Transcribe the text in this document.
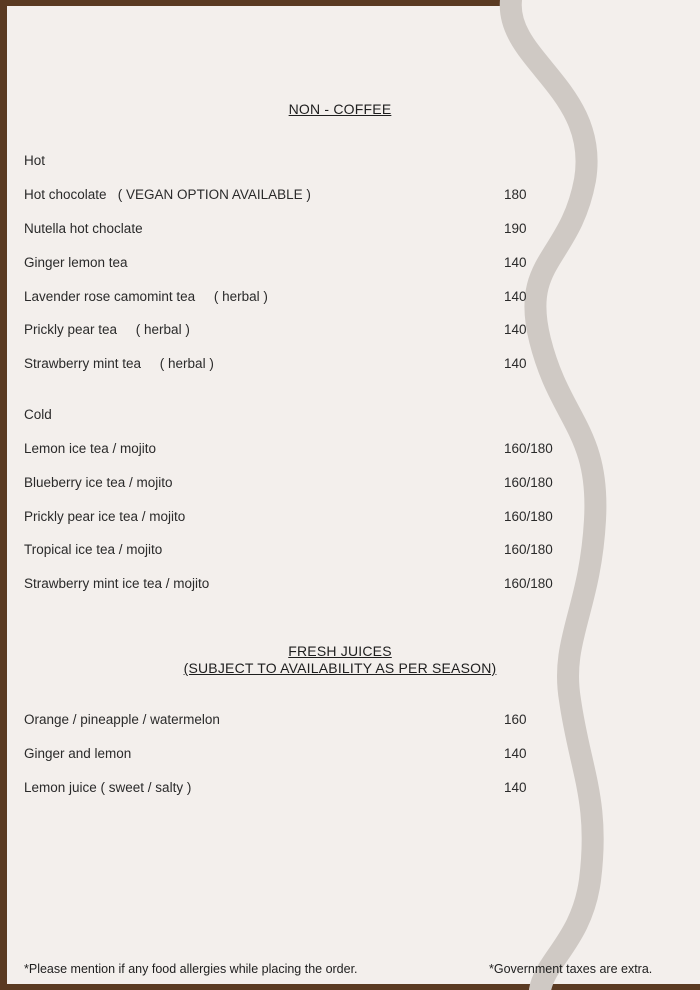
NON - COFFEE
Hot
Hot chocolate   ( VEGAN OPTION AVAILABLE )	180
Nutella hot choclate	190
Ginger lemon tea	140
Lavender rose camomint tea     ( herbal )	140
Prickly pear tea     ( herbal )	140
Strawberry mint tea     ( herbal )	140
Cold
Lemon ice tea / mojito	160/180
Blueberry ice tea / mojito	160/180
Prickly pear ice tea / mojito	160/180
Tropical ice tea / mojito	160/180
Strawberry mint ice tea / mojito	160/180
FRESH JUICES
(SUBJECT TO AVAILABILITY AS PER SEASON)
Orange / pineapple / watermelon	160
Ginger and lemon	140
Lemon juice ( sweet / salty )	140
*Please mention if any food allergies while placing the order.	*Government taxes are extra.
